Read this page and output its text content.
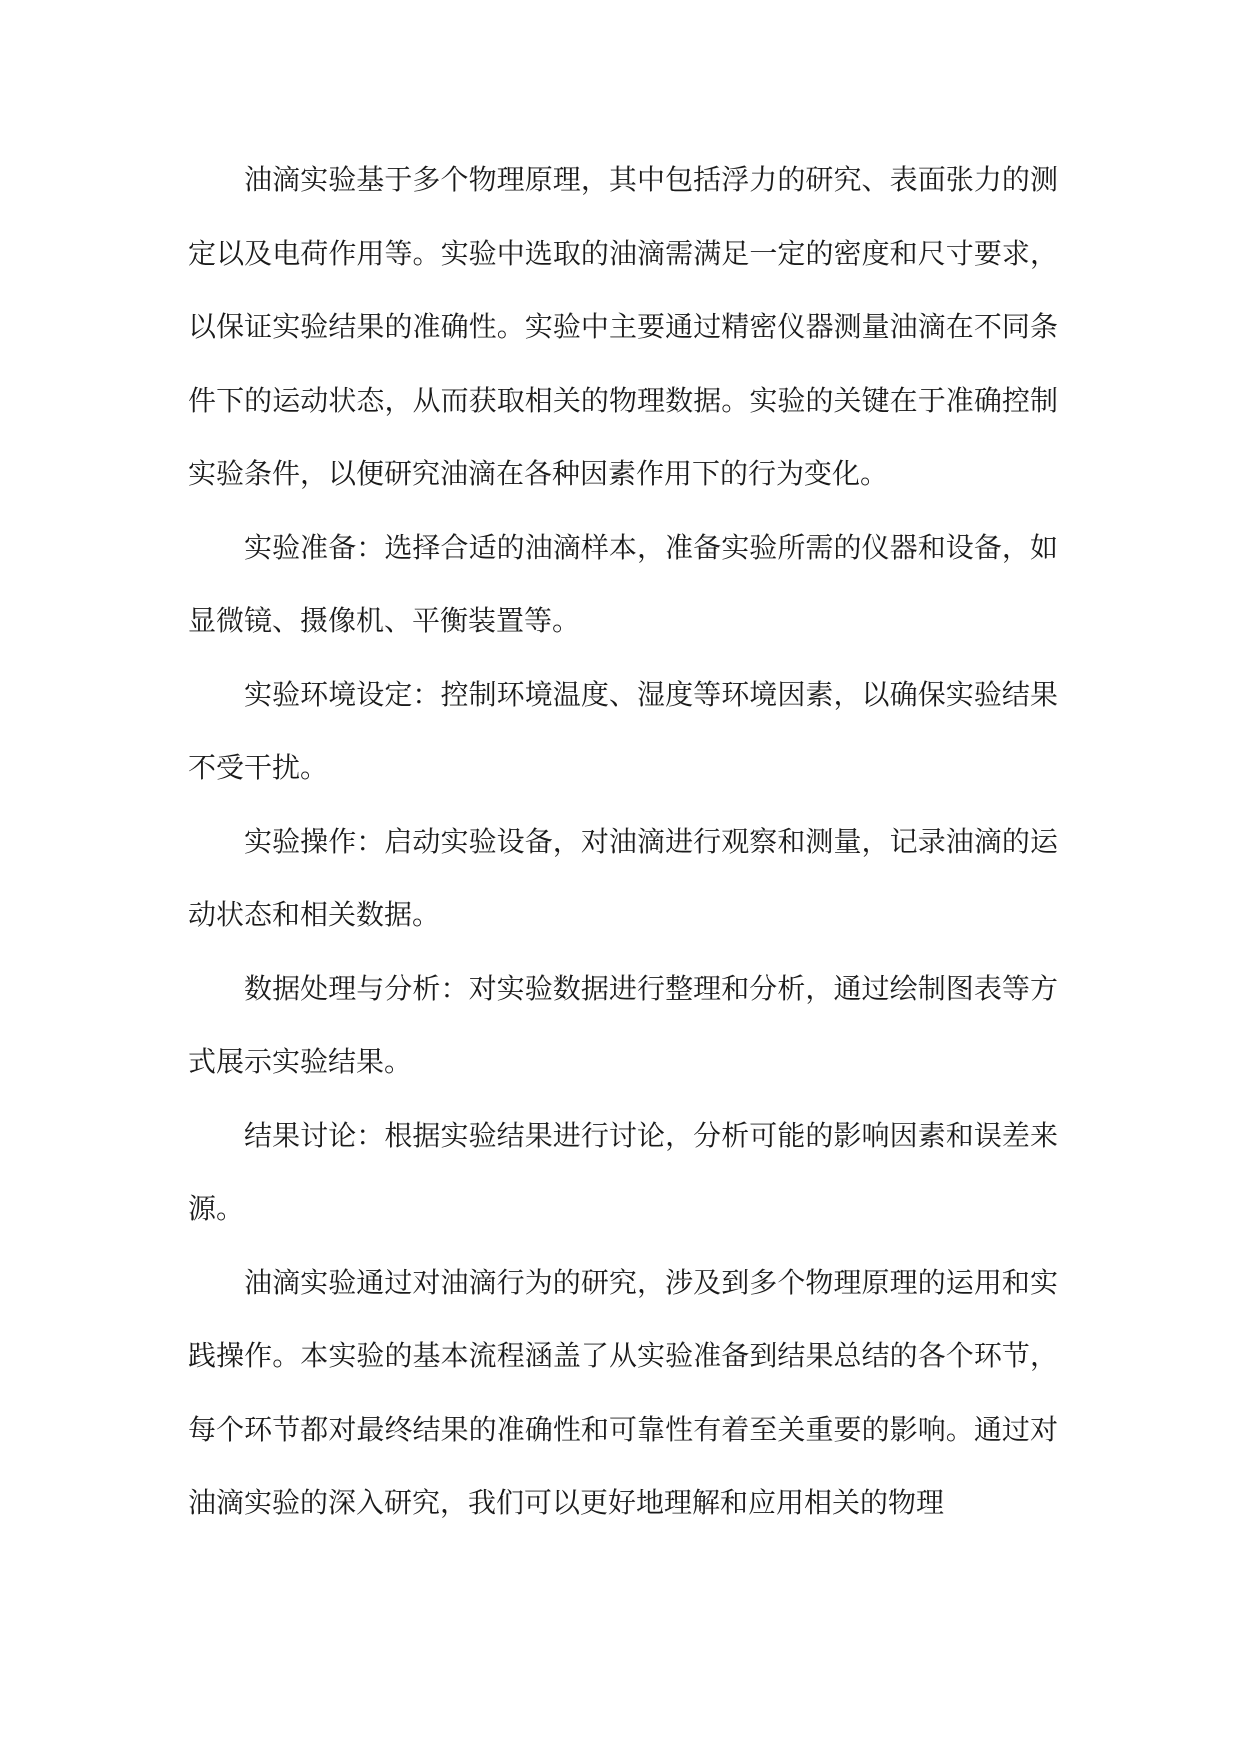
油滴实验基于多个物理原理，其中包括浮力的研究、表面张力的测定以及电荷作用等。实验中选取的油滴需满足一定的密度和尺寸要求，以保证实验结果的准确性。实验中主要通过精密仪器测量油滴在不同条件下的运动状态，从而获取相关的物理数据。实验的关键在于准确控制实验条件，以便研究油滴在各种因素作用下的行为变化。

实验准备：选择合适的油滴样本，准备实验所需的仪器和设备，如显微镜、摄像机、平衡装置等。

实验环境设定：控制环境温度、湿度等环境因素，以确保实验结果不受干扰。

实验操作：启动实验设备，对油滴进行观察和测量，记录油滴的运动状态和相关数据。

数据处理与分析：对实验数据进行整理和分析，通过绘制图表等方式展示实验结果。

结果讨论：根据实验结果进行讨论，分析可能的影响因素和误差来源。

油滴实验通过对油滴行为的研究，涉及到多个物理原理的运用和实践操作。本实验的基本流程涵盖了从实验准备到结果总结的各个环节，每个环节都对最终结果的准确性和可靠性有着至关重要的影响。通过对油滴实验的深入研究，我们可以更好地理解和应用相关的物理
